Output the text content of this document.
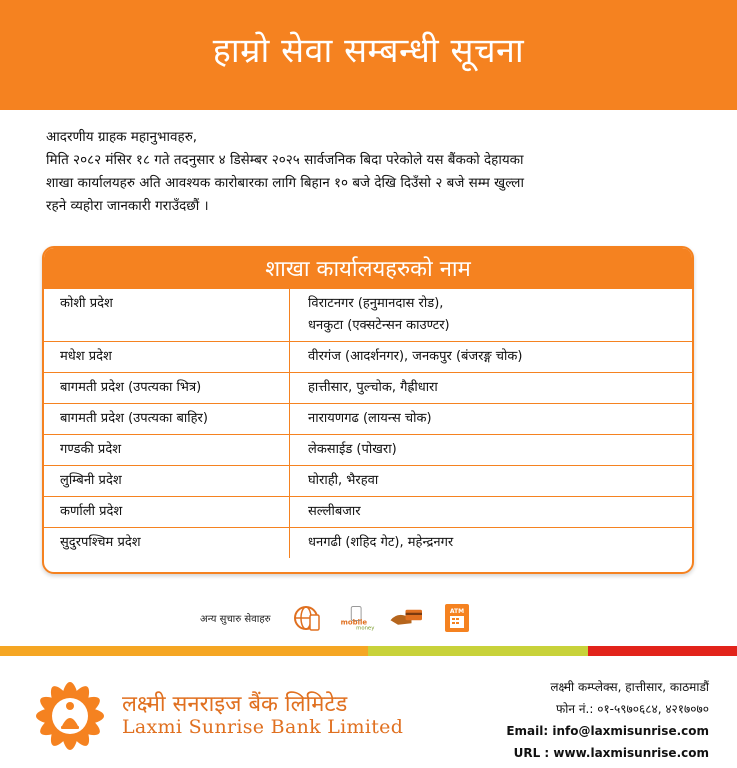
हाम्रो सेवा सम्बन्धी सूचना

आदरणीय ग्राहक महानुभावहरु,

मिति २०८२ मंसिर १८ गते तदनुसार ४ डिसेम्बर २०२५ सार्वजनिक बिदा परेकोले यस बैंकको देहायका

शाखा कार्यालयहरु अति आवश्यक कारोबारका लागि बिहान १० बजे देखि दिउँसो २ बजे सम्म खुल्ला

रहने व्यहोरा जानकारी गराउँदछौं ।

शाखा कार्यालयहरुको नाम
कोशी प्रदेश	विराटनगर (हनुमानदास रोड),
धनकुटा (एक्सटेन्सन काउण्टर)
मधेश प्रदेश	वीरगंज (आदर्शनगर), जनकपुर (बंजरङ्ग चोक)
बागमती प्रदेश (उपत्यका भित्र)	हात्तीसार, पुल्चोक, गैह्रीधारा
बागमती प्रदेश (उपत्यका बाहिर)	नारायणगढ (लायन्स चोक)
गण्डकी प्रदेश	लेकसाईड (पोखरा)
लुम्बिनी प्रदेश	घोराही, भैरहवा
कर्णाली प्रदेश	सल्लीबजार
सुदुरपश्चिम प्रदेश	धनगढी (शहिद गेट), महेन्द्रनगर
अन्य सुचारु सेवाहरु	mobile
money
ATM
लक्ष्मी सनराइज बैंक लिमिटेड
Laxmi Sunrise Bank Limited
लक्ष्मी कम्प्लेक्स, हात्तीसार, काठमाडौं
फोन नं.: ०१-५९७०६८४, ४२१७०७०
Email: info@laxmisunrise.com
URL : www.laxmisunrise.com
